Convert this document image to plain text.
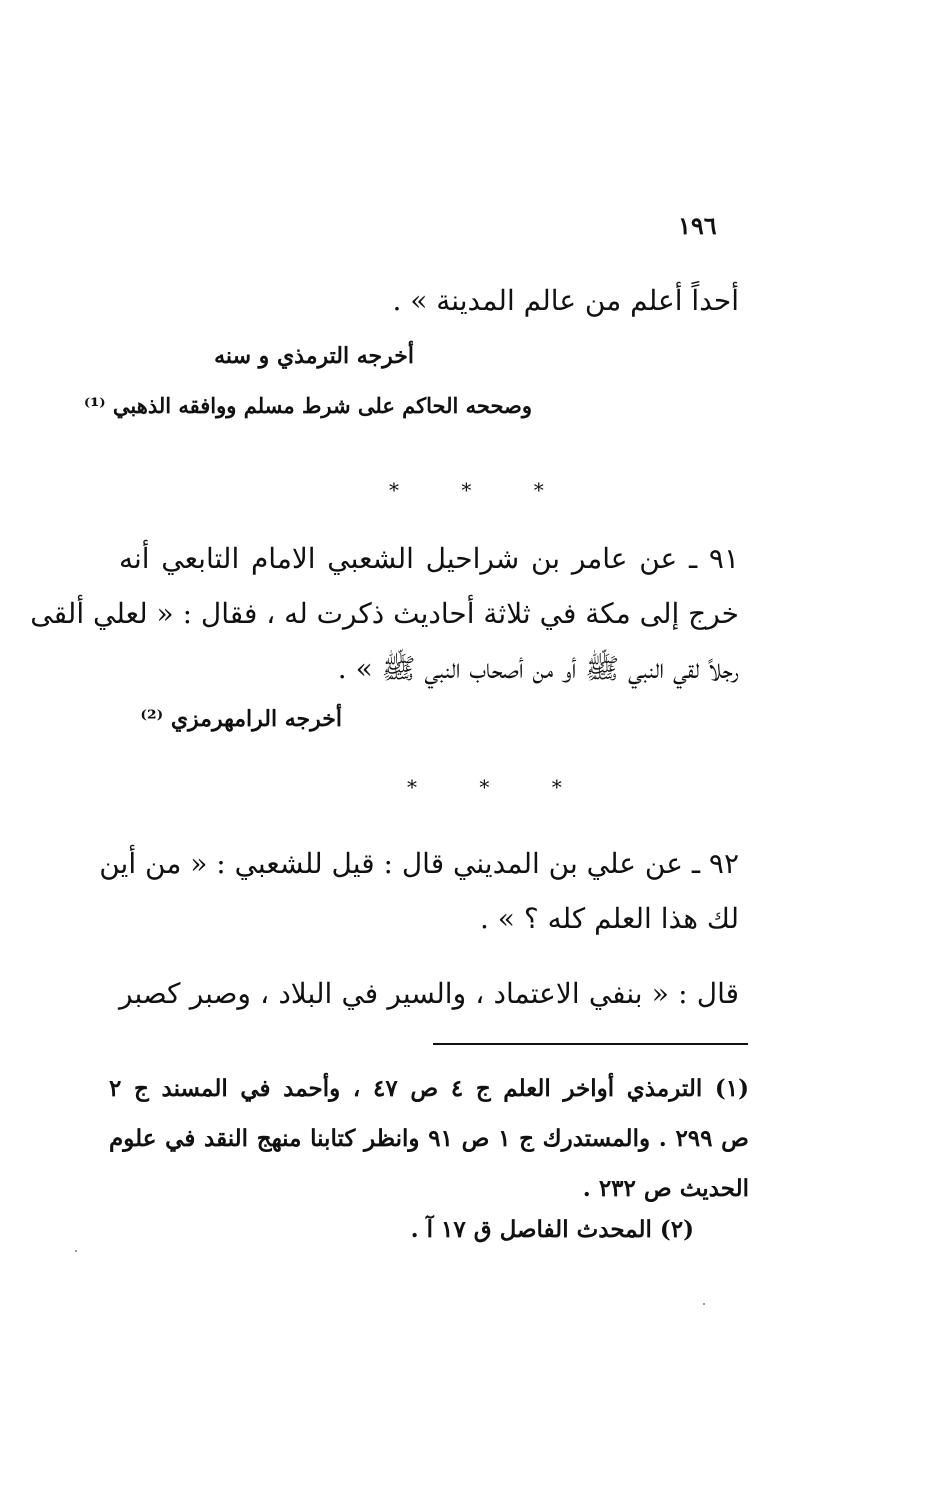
١٩٦
أحداً أعلم من عالم المدينة » .
أخرجه الترمذي و سنه
وصححه الحاكم على شرط مسلم ووافقه الذهبي ⁽¹⁾
* * *
٩١ ـ عن عامر بن شراحيل الشعبي الامام التابعي أنه
خرج إلى مكة في ثلاثة أحاديث ذكرت له ، فقال : « لعلي ألقى
رجلاً لقي النبي ﷺ أو من أصحاب النبي ﷺ » .
أخرجه الرامهرمزي ⁽²⁾
* * *
٩٢ ـ عن علي بن المديني قال : قيل للشعبي : « من أين
لك هذا العلم كله ؟ » .
قال : « بنفي الاعتماد ، والسير في البلاد ، وصبر كصبر
(١) الترمذي أواخر العلم ج ٤ ص ٤٧ ، وأحمد في المسند ج ٢
ص ٢٩٩ . والمستدرك ج ١ ص ٩١ وانظر كتابنا منهج النقد في علوم
الحديث ص ٢٣٢ .
(٢) المحدث الفاصل ق ١٧ آ .
